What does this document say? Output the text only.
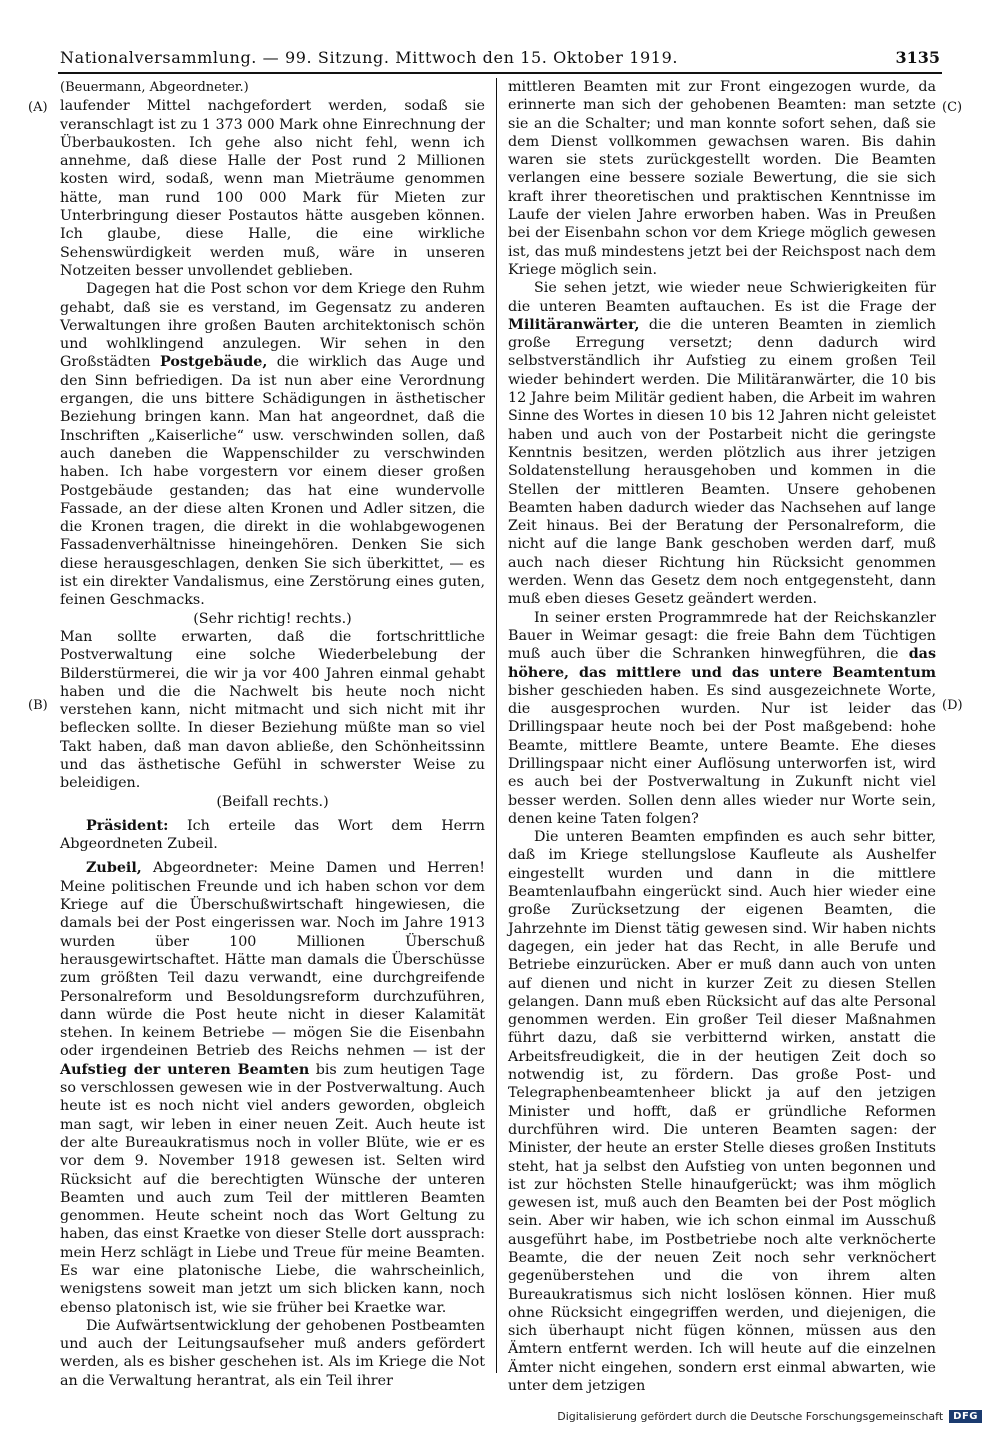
Nationalversammlung. — 99. Sitzung. Mittwoch den 15. Oktober 1919.	3135
(A)
(B)
(C)
(D)

(Beuermann, Abgeordneter.)

laufender Mittel nachgefordert werden, sodaß sie veranschlagt ist zu 1 373 000 Mark ohne Einrechnung der Überbaukosten. Ich gehe also nicht fehl, wenn ich annehme, daß diese Halle der Post rund 2 Millionen kosten wird, sodaß, wenn man Mieträume genommen hätte, man rund 100 000 Mark für Mieten zur Unterbringung dieser Postautos hätte ausgeben können. Ich glaube, diese Halle, die eine wirkliche Sehenswürdigkeit werden muß, wäre in unseren Notzeiten besser unvollendet geblieben.

Dagegen hat die Post schon vor dem Kriege den Ruhm gehabt, daß sie es verstand, im Gegensatz zu anderen Verwaltungen ihre großen Bauten architektonisch schön und wohlklingend anzulegen. Wir sehen in den Großstädten Postgebäude, die wirklich das Auge und den Sinn befriedigen. Da ist nun aber eine Verordnung ergangen, die uns bittere Schädigungen in ästhetischer Beziehung bringen kann. Man hat angeordnet, daß die Inschriften „Kaiserliche“ usw. verschwinden sollen, daß auch daneben die Wappenschilder zu verschwinden haben. Ich habe vorgestern vor einem dieser großen Postgebäude gestanden; das hat eine wundervolle Fassade, an der diese alten Kronen und Adler sitzen, die die Kronen tragen, die direkt in die wohlabgewogenen Fassadenverhältnisse hineingehören. Denken Sie sich diese herausgeschlagen, denken Sie sich überkittet, — es ist ein direkter Vandalismus, eine Zerstörung eines guten, feinen Geschmacks.

(Sehr richtig! rechts.)

Man sollte erwarten, daß die fortschrittliche Postverwaltung eine solche Wiederbelebung der Bilderstürmerei, die wir ja vor 400 Jahren einmal gehabt haben und die die Nachwelt bis heute noch nicht verstehen kann, nicht mitmacht und sich nicht mit ihr beflecken sollte. In dieser Beziehung müßte man so viel Takt haben, daß man davon abließe, den Schönheitssinn und das ästhetische Gefühl in schwerster Weise zu beleidigen.

(Beifall rechts.)

Präsident: Ich erteile das Wort dem Herrn Abgeordneten Zubeil.

Zubeil, Abgeordneter: Meine Damen und Herren! Meine politischen Freunde und ich haben schon vor dem Kriege auf die Überschußwirtschaft hingewiesen, die damals bei der Post eingerissen war. Noch im Jahre 1913 wurden über 100 Millionen Überschuß herausgewirtschaftet. Hätte man damals die Überschüsse zum größten Teil dazu verwandt, eine durchgreifende Personalreform und Besoldungsreform durchzuführen, dann würde die Post heute nicht in dieser Kalamität stehen. In keinem Betriebe — mögen Sie die Eisenbahn oder irgendeinen Betrieb des Reichs nehmen — ist der Aufstieg der unteren Beamten bis zum heutigen Tage so verschlossen gewesen wie in der Postverwaltung. Auch heute ist es noch nicht viel anders geworden, obgleich man sagt, wir leben in einer neuen Zeit. Auch heute ist der alte Bureaukratismus noch in voller Blüte, wie er es vor dem 9. November 1918 gewesen ist. Selten wird Rücksicht auf die berechtigten Wünsche der unteren Beamten und auch zum Teil der mittleren Beamten genommen. Heute scheint noch das Wort Geltung zu haben, das einst Kraetke von dieser Stelle dort aussprach: mein Herz schlägt in Liebe und Treue für meine Beamten. Es war eine platonische Liebe, die wahrscheinlich, wenigstens soweit man jetzt um sich blicken kann, noch ebenso platonisch ist, wie sie früher bei Kraetke war.

Die Aufwärtsentwicklung der gehobenen Postbeamten und auch der Leitungsaufseher muß anders gefördert werden, als es bisher geschehen ist. Als im Kriege die Not an die Verwaltung herantrat, als ein Teil ihrer

mittleren Beamten mit zur Front eingezogen wurde, da erinnerte man sich der gehobenen Beamten: man setzte sie an die Schalter; und man konnte sofort sehen, daß sie dem Dienst vollkommen gewachsen waren. Bis dahin waren sie stets zurückgestellt worden. Die Beamten verlangen eine bessere soziale Bewertung, die sie sich kraft ihrer theoretischen und praktischen Kenntnisse im Laufe der vielen Jahre erworben haben. Was in Preußen bei der Eisenbahn schon vor dem Kriege möglich gewesen ist, das muß mindestens jetzt bei der Reichspost nach dem Kriege möglich sein.

Sie sehen jetzt, wie wieder neue Schwierigkeiten für die unteren Beamten auftauchen. Es ist die Frage der Militäranwärter, die die unteren Beamten in ziemlich große Erregung versetzt; denn dadurch wird selbstverständlich ihr Aufstieg zu einem großen Teil wieder behindert werden. Die Militäranwärter, die 10 bis 12 Jahre beim Militär gedient haben, die Arbeit im wahren Sinne des Wortes in diesen 10 bis 12 Jahren nicht geleistet haben und auch von der Postarbeit nicht die geringste Kenntnis besitzen, werden plötzlich aus ihrer jetzigen Soldatenstellung herausgehoben und kommen in die Stellen der mittleren Beamten. Unsere gehobenen Beamten haben dadurch wieder das Nachsehen auf lange Zeit hinaus. Bei der Beratung der Personalreform, die nicht auf die lange Bank geschoben werden darf, muß auch nach dieser Richtung hin Rücksicht genommen werden. Wenn das Gesetz dem noch entgegensteht, dann muß eben dieses Gesetz geändert werden.

In seiner ersten Programmrede hat der Reichskanzler Bauer in Weimar gesagt: die freie Bahn dem Tüchtigen muß auch über die Schranken hinwegführen, die das höhere, das mittlere und das untere Beamtentum bisher geschieden haben. Es sind ausgezeichnete Worte, die ausgesprochen wurden. Nur ist leider das Drillingspaar heute noch bei der Post maßgebend: hohe Beamte, mittlere Beamte, untere Beamte. Ehe dieses Drillingspaar nicht einer Auflösung unterworfen ist, wird es auch bei der Postverwaltung in Zukunft nicht viel besser werden. Sollen denn alles wieder nur Worte sein, denen keine Taten folgen?

Die unteren Beamten empfinden es auch sehr bitter, daß im Kriege stellungslose Kaufleute als Aushelfer eingestellt wurden und dann in die mittlere Beamtenlaufbahn eingerückt sind. Auch hier wieder eine große Zurücksetzung der eigenen Beamten, die Jahrzehnte im Dienst tätig gewesen sind. Wir haben nichts dagegen, ein jeder hat das Recht, in alle Berufe und Betriebe einzurücken. Aber er muß dann auch von unten auf dienen und nicht in kurzer Zeit zu diesen Stellen gelangen. Dann muß eben Rücksicht auf das alte Personal genommen werden. Ein großer Teil dieser Maßnahmen führt dazu, daß sie verbitternd wirken, anstatt die Arbeitsfreudigkeit, die in der heutigen Zeit doch so notwendig ist, zu fördern. Das große Post- und Telegraphenbeamtenheer blickt ja auf den jetzigen Minister und hofft, daß er gründliche Reformen durchführen wird. Die unteren Beamten sagen: der Minister, der heute an erster Stelle dieses großen Instituts steht, hat ja selbst den Aufstieg von unten begonnen und ist zur höchsten Stelle hinaufgerückt; was ihm möglich gewesen ist, muß auch den Beamten bei der Post möglich sein. Aber wir haben, wie ich schon einmal im Ausschuß ausgeführt habe, im Postbetriebe noch alte verknöcherte Beamte, die der neuen Zeit noch sehr verknöchert gegenüberstehen und die von ihrem alten Bureaukratismus sich nicht loslösen können. Hier muß ohne Rücksicht eingegriffen werden, und diejenigen, die sich überhaupt nicht fügen können, müssen aus den Ämtern entfernt werden. Ich will heute auf die einzelnen Ämter nicht eingehen, sondern erst einmal abwarten, wie unter dem jetzigen

Digitalisierung gefördert durch die Deutsche Forschungsgemeinschaft	DFG
